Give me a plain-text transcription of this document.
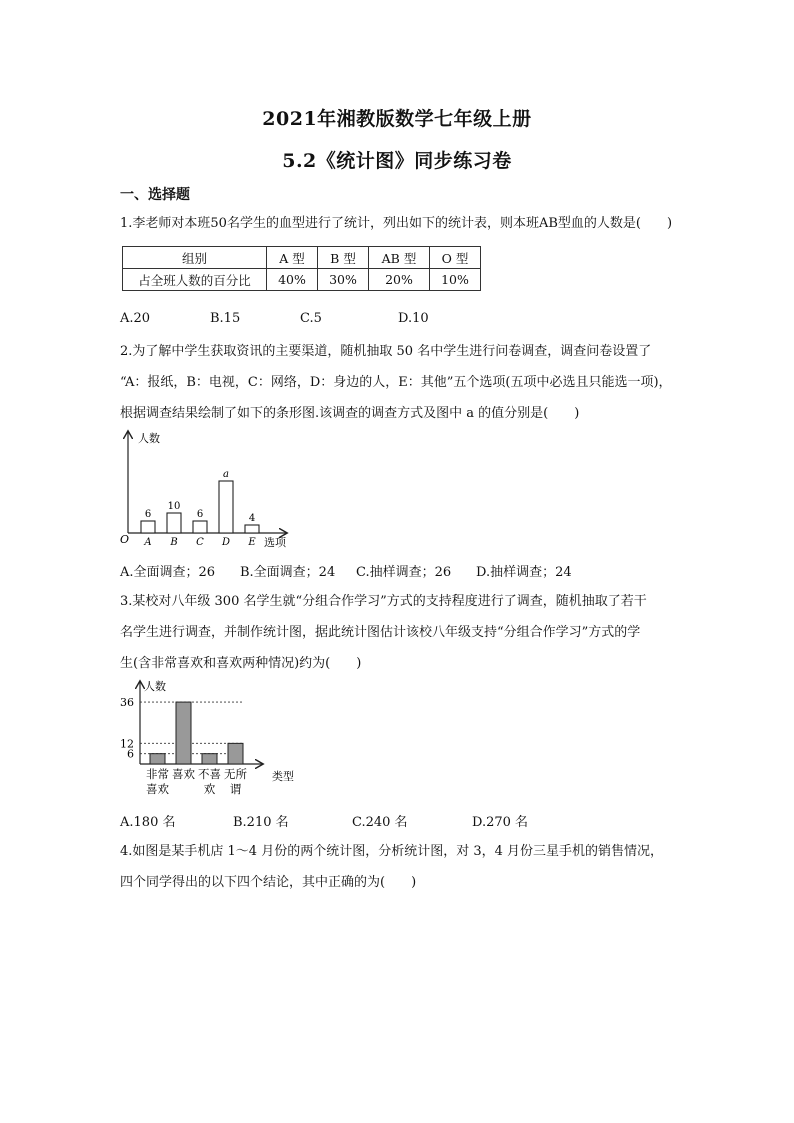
2021年湘教版数学七年级上册
5.2《统计图》同步练习卷
一、选择题
1.李老师对本班50名学生的血型进行了统计，列出如下的统计表，则本班AB型血的人数是(　　)
组别	A 型	B 型	AB 型	O 型
占全班人数的百分比	40%	30%	20%	10%
A.20	B.15	C.5	D.10
2.为了解中学生获取资讯的主要渠道，随机抽取 50 名中学生进行问卷调查，调查问卷设置了
“A：报纸，B：电视，C：网络，D：身边的人，E：其他”五个选项(五项中必选且只能选一项)，
根据调查结果绘制了如下的条形图.该调查的调查方式及图中 a 的值分别是(　　)
人数
选项
O
6
A
10
B
6
C
a
D
4
E
A.全面调查；26 B.全面调查；24 C.抽样调查；26 D.抽样调查；24
3.某校对八年级 300 名学生就“分组合作学习”方式的支持程度进行了调查，随机抽取了若干
名学生进行调查，并制作统计图，据此统计图估计该校八年级支持“分组合作学习”方式的学
生(含非常喜欢和喜欢两种情况)约为(　　)
人数
类型
6
12
36
非常
喜欢
喜欢 不喜
欢
无所
谓
A.180 名	B.210 名	C.240 名	D.270 名
4.如图是某手机店 1～4 月份的两个统计图，分析统计图，对 3，4 月份三星手机的销售情况，
四个同学得出的以下四个结论，其中正确的为(　　)
